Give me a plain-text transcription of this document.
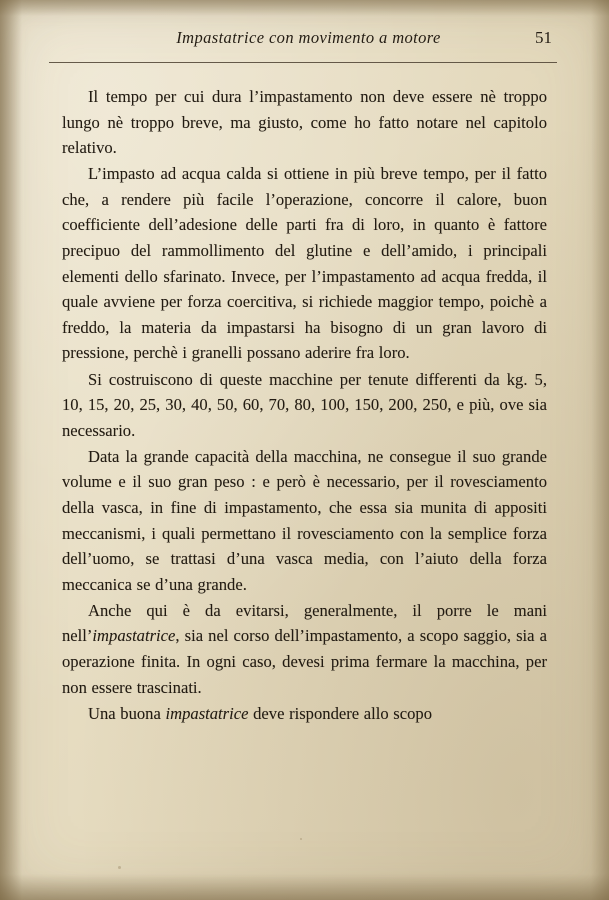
Impastatrice con movimento a motore	51

Il tempo per cui dura l’impastamento non deve essere nè troppo lungo nè troppo breve, ma giusto, come ho fatto notare nel capitolo relativo.

L’impasto ad acqua calda si ottiene in più breve tempo, per il fatto che, a rendere più facile l’operazione, concorre il calore, buon coefficiente dell’adesione delle parti fra di loro, in quanto è fattore precipuo del rammollimento del glutine e dell’amido, i principali elementi dello sfarinato. Invece, per l’impastamento ad acqua fredda, il quale avviene per forza coercitiva, si richiede maggior tempo, poichè a freddo, la materia da impastarsi ha bisogno di un gran lavoro di pressione, perchè i granelli possano aderire fra loro.

Si costruiscono di queste macchine per tenute differenti da kg. 5, 10, 15, 20, 25, 30, 40, 50, 60, 70, 80, 100, 150, 200, 250, e più, ove sia necessario.

Data la grande capacità della macchina, ne consegue il suo grande volume e il suo gran peso : e però è necessario, per il rovesciamento della vasca, in fine di impastamento, che essa sia munita di appositi meccanismi, i quali permettano il rovesciamento con la semplice forza dell’uomo, se trattasi d’una vasca media, con l’aiuto della forza meccanica se d’una grande.

Anche qui è da evitarsi, generalmente, il porre le mani nell’impastatrice, sia nel corso dell’impastamento, a scopo saggio, sia a operazione finita. In ogni caso, devesi prima fermare la macchina, per non essere trascinati.

Una buona impastatrice deve rispondere allo scopo
